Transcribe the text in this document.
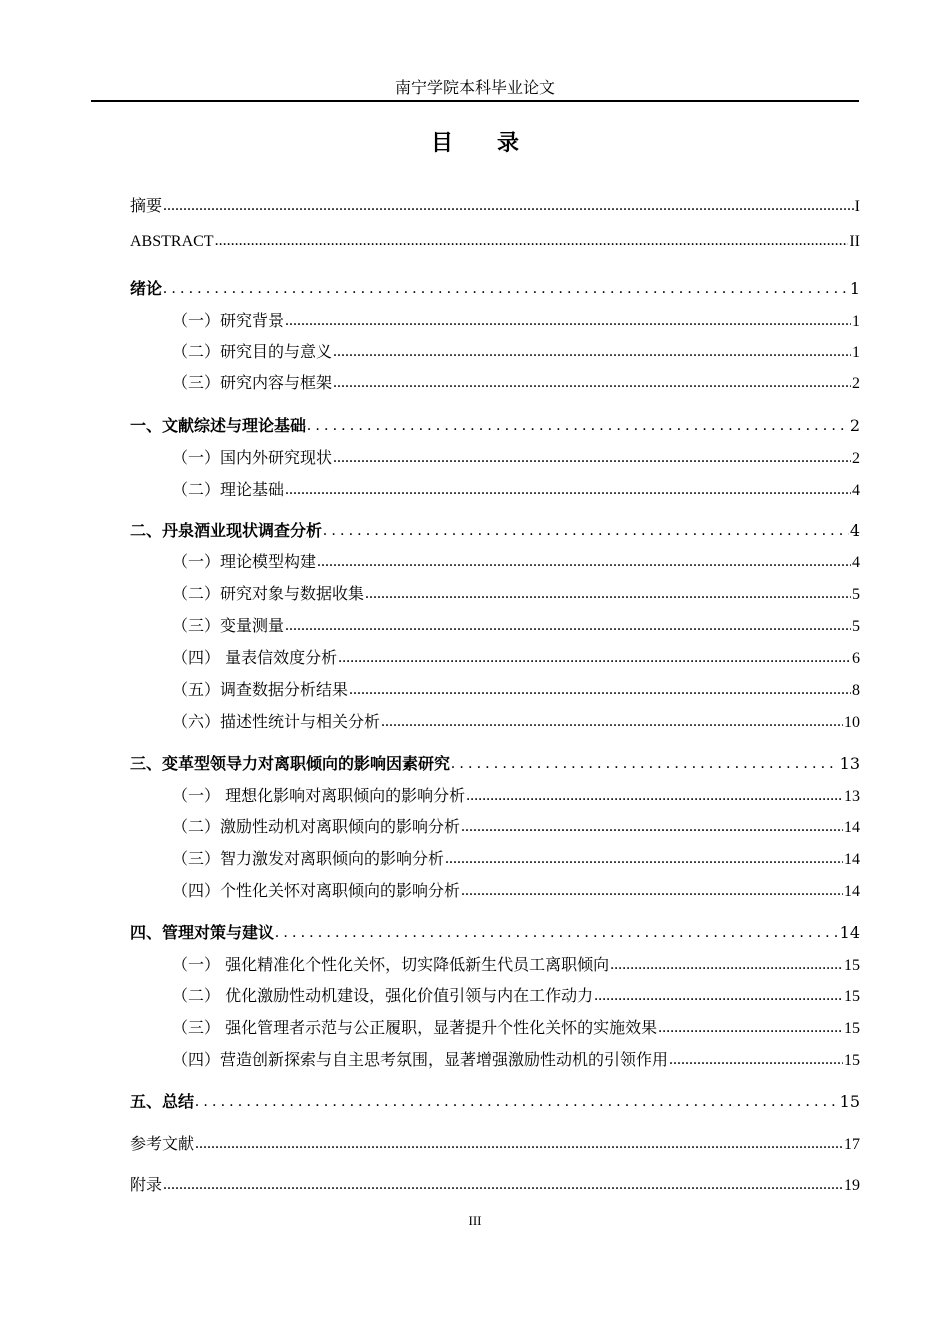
南宁学院本科毕业论文
目录
摘要 .....	I
ABSTRACT .....	II
绪论 .....	1
（一）研究背景 .....	1
（二）研究目的与意义 .....	1
（三）研究内容与框架 .....	2
一、文献综述与理论基础 .....	2
（一）国内外研究现状 .....	2
（二）理论基础 .....	4
二、丹泉酒业现状调查分析 .....	4
（一）理论模型构建 .....	4
（二）研究对象与数据收集 .....	5
（三）变量测量 .....	5
（四） 量表信效度分析 .....	6
（五）调查数据分析结果 .....	8
（六）描述性统计与相关分析 .....	10
三、变革型领导力对离职倾向的影响因素研究 .....	13
（一） 理想化影响对离职倾向的影响分析 .....	13
（二）激励性动机对离职倾向的影响分析 .....	14
（三）智力激发对离职倾向的影响分析 .....	14
（四）个性化关怀对离职倾向的影响分析 .....	14
四、管理对策与建议 .....	14
（一） 强化精准化个性化关怀，切实降低新生代员工离职倾向 .....	15
（二） 优化激励性动机建设，强化价值引领与内在工作动力 .....	15
（三） 强化管理者示范与公正履职，显著提升个性化关怀的实施效果 .....	15
（四）营造创新探索与自主思考氛围，显著增强激励性动机的引领作用 .....	15
五、总结 .....	15
参考文献 .....	17
附录 .....	19
III
